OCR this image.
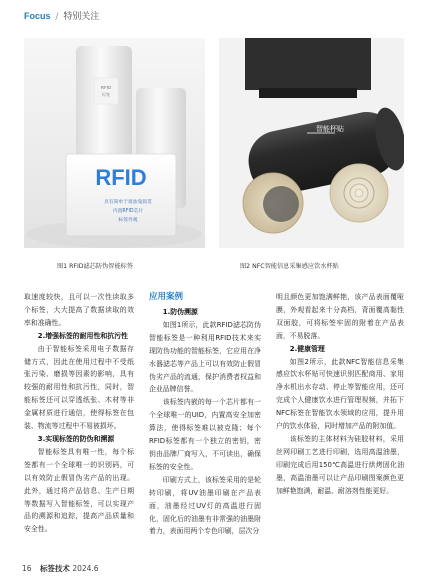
Focus / 特别关注
RFID
标签
RFID
具有简单于谁浊鬼损贯
内置RFID芯片
标签外观
智能杯贴
图1 RFID滤芯防伪智能标签	图2 NFC智能信息采集感应饮水杯贴

取速度较快，且可以一次性读取多个标签，大大提高了数据读取的效率和准确性。

2.增强标签的耐用性和抗污性

由于智能标签采用电子数据存储方式，因此在使用过程中不受纸张污染、磨损等因素的影响，具有较强的耐用性和抗污性，同时，智能标签还可以穿透纸张、木材等非金属材质进行通信，使得标签在包装、物流等过程中不易被损坏。

3.实现标签的防伪和溯源

智能标签具有唯一性，每个标签都有一个全球唯一的识别码，可以有效防止假冒伪劣产品的出现。此外，通过将产品信息、生产日期等数据写入智能标签，可以实现产品的溯源和追踪，提高产品质量和安全性。

应用案例

1.防伪溯源

如图1所示，此款RFID滤芯防伪智能标签是一种利用RFID技术来实现防伪功能的智能标签，它应用在净水器滤芯等产品上可以有效防止假冒伪劣产品的流通，保护消费者权益和企业品牌信誉。

该标签内嵌的每一个芯片都有一个全球唯一的UID，内置高安全加密算法，使得标签难以被克隆；每个RFID标签都有一个独立的密钥，密钥由品牌厂商写入，不可读出，确保标签的安全性。

印刷方式上，该标签采用的是轮转印刷，将UV油墨印刷在产品表面，油墨经过UV灯的高温进行固化，固化后的油墨有非常强的油墨附着力，表面用两个专色印刷，层次分

明且颜色更加饱满鲜艳，该产品表面覆哑膜，外观看起来十分高档，背面覆高黏性双面胶，可将标签牢固的附着在产品表面，不易脱落。

2.健康管理

如图2所示，此款NFC智能信息采集感应饮水杯贴可快速识别匹配商用、家用净水机出水存动、停止等智能应用，还可完成个人健康饮水进行管理视频，并拓下NFC标签在智能饮水领域的应用，提升用户的饮水体验，同时增加产品的附加值。

该标签的主体材料为硅胶材料，采用丝网印刷工艺进行印刷，选用高温油墨，印刷完成后用150℃高温进行烘烤固化油墨，高温油墨可以让产品印刷图案颜色更加鲜艳饱满，耐温、耐溶剂性能更好。

16 标签技术 2024.6
